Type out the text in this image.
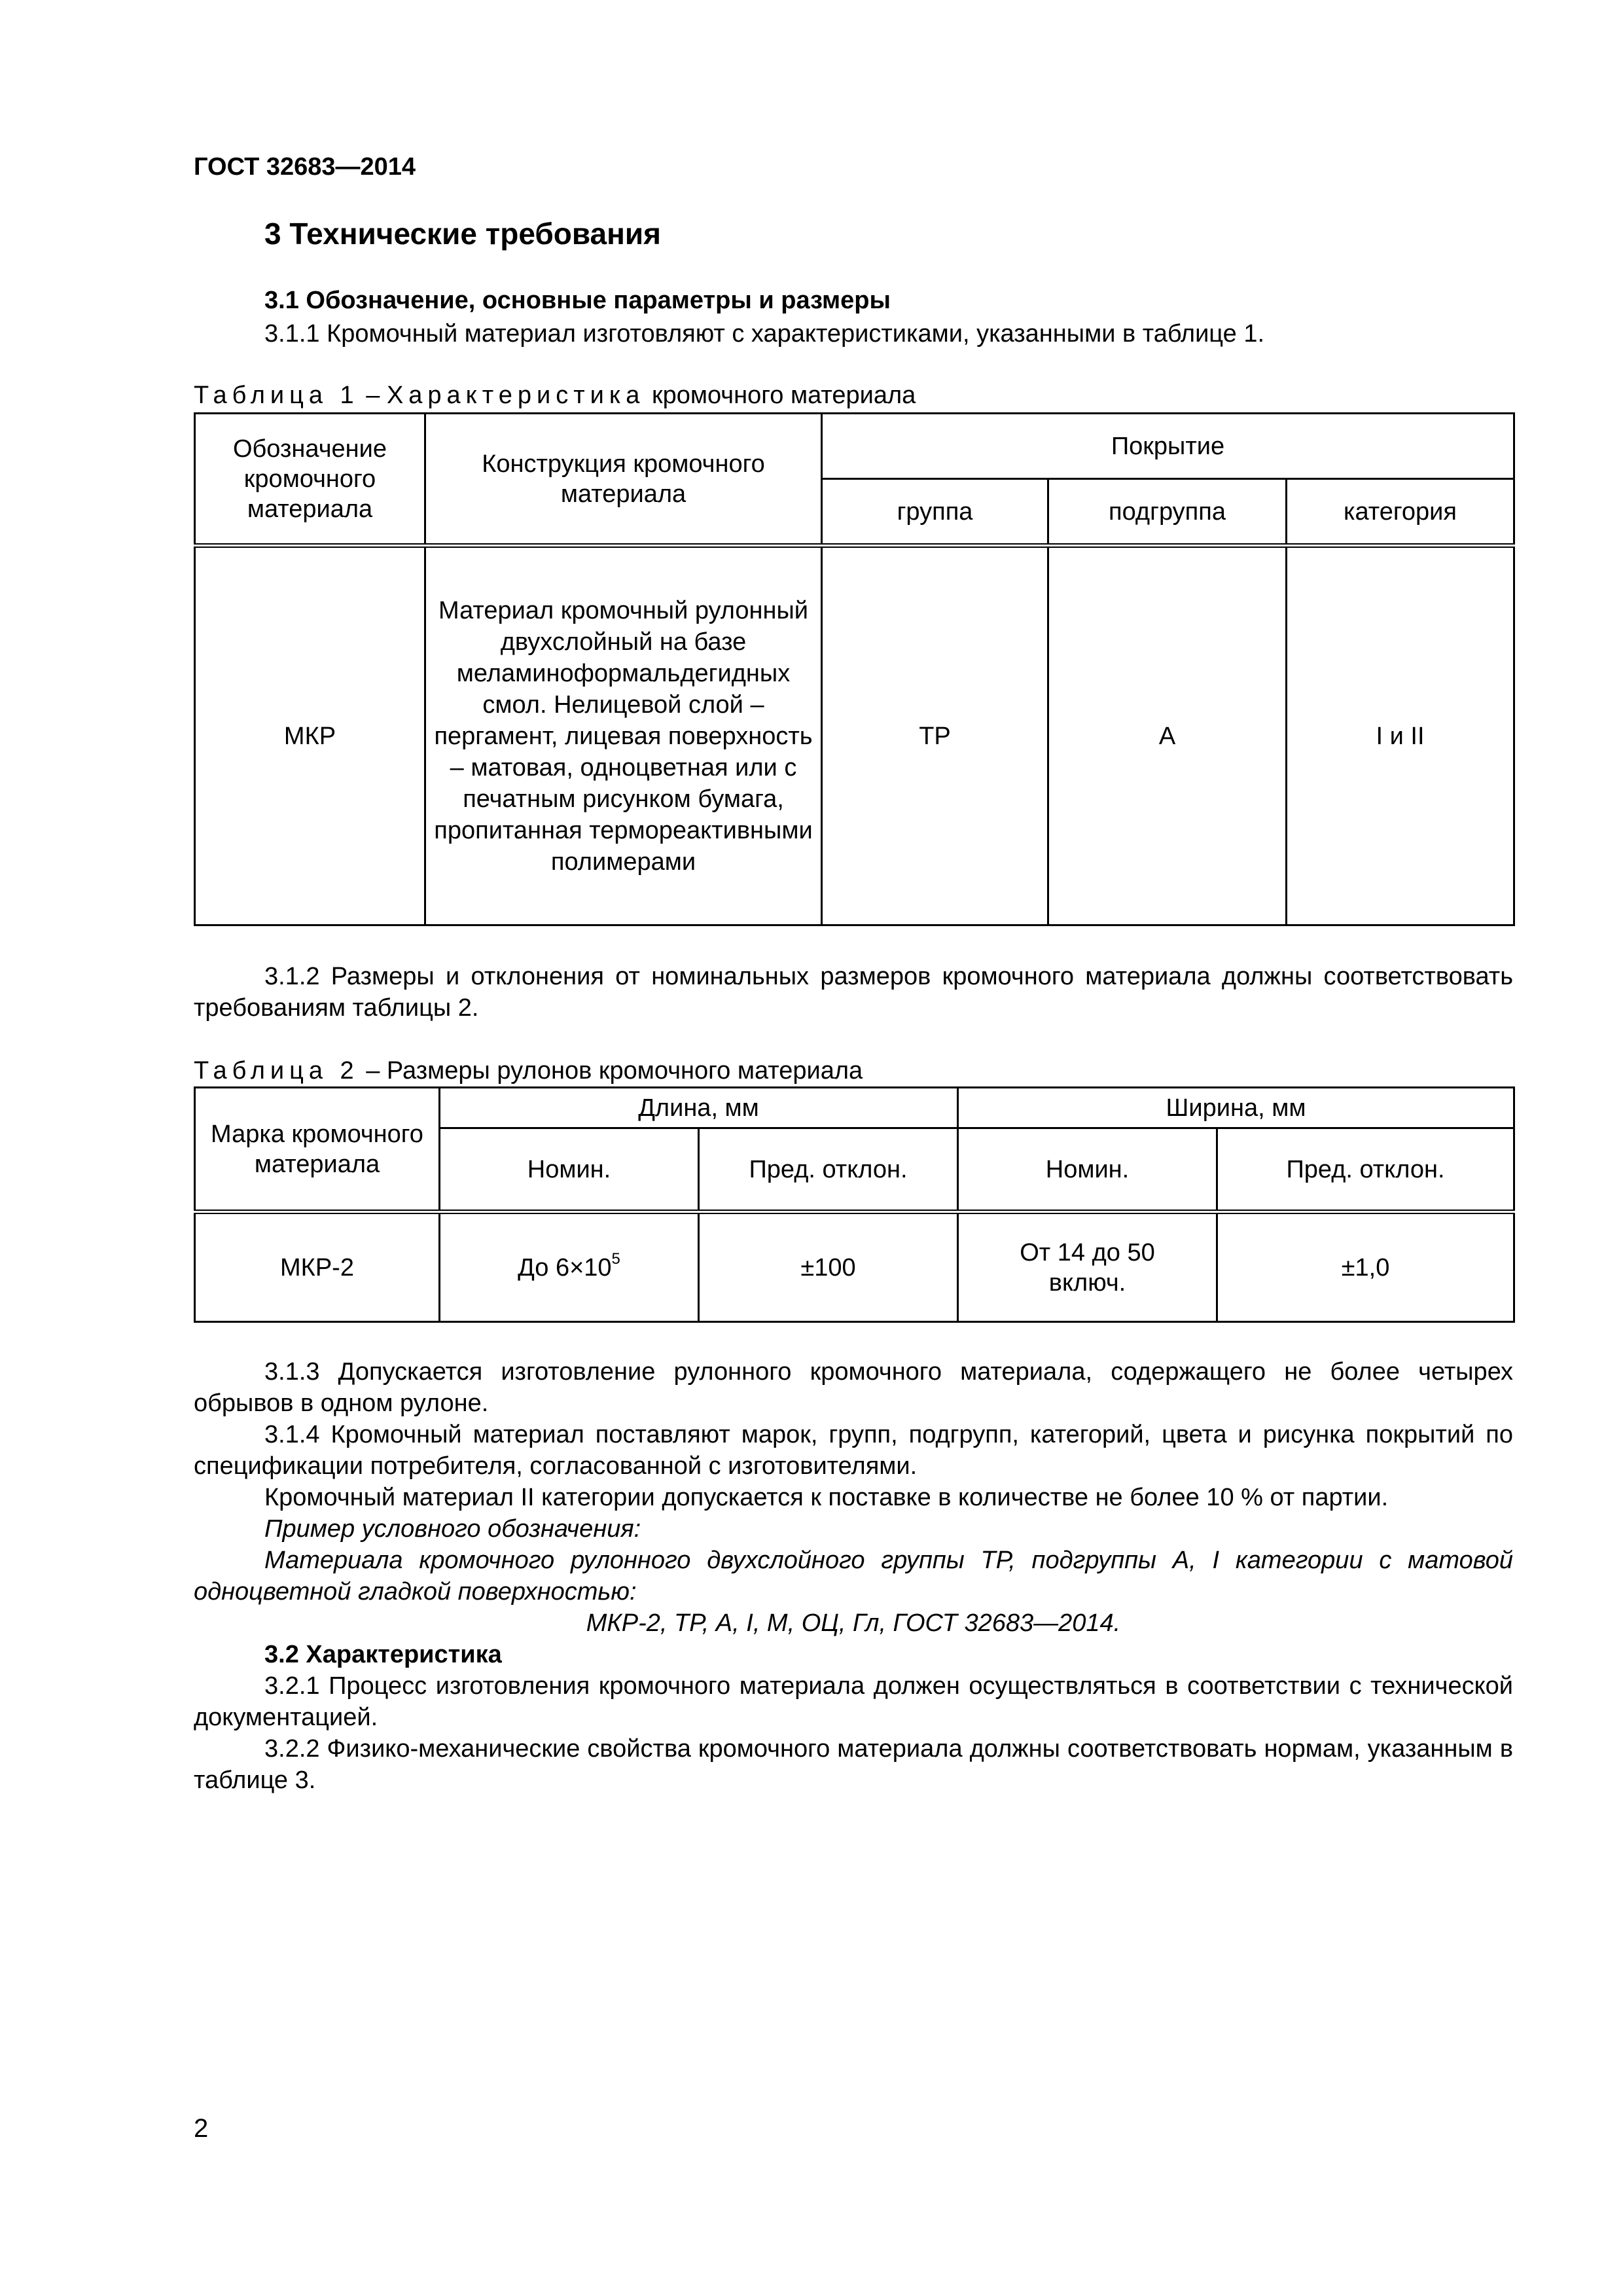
ГОСТ 32683—2014
3 Технические требования
3.1 Обозначение, основные параметры и размеры
3.1.1 Кромочный материал изготовляют с характеристиками, указанными в таблице 1.
Таблица 1 – Характеристика кромочного материала
Обозначение кромочного материала	Конструкция кромочного материала	Покрытие		
		группа	подгруппа	категория
МКР	Материал кромочный рулонный двухслойный на базе меламиноформальдегидных смол. Нелицевой слой – пергамент, лицевая поверхность – матовая, одноцветная или с печатным рисунком бумага, пропитанная термореактивными полимерами	ТР	А	I и II
3.1.2 Размеры и отклонения от номинальных размеров кромочного материала должны соответствовать требованиям таблицы 2.
Таблица 2 – Размеры рулонов кромочного материала
Марка кромочного материала	Длина, мм		Ширина, мм	
	Номин.	Пред. отклон.	Номин.	Пред. отклон.
МКР-2	До $6\times 10^5$	±100	От 14 до 50 включ.	±1,0
3.1.3 Допускается изготовление рулонного кромочного материала, содержащего не более четырех обрывов в одном рулоне.
3.1.4 Кромочный материал поставляют марок, групп, подгрупп, категорий, цвета и рисунка покрытий по спецификации потребителя, согласованной с изготовителями.
Кромочный материал II категории допускается к поставке в количестве не более 10 % от партии.
Пример условного обозначения:
Материала кромочного рулонного двухслойного группы ТР, подгруппы А, I категории с матовой одноцветной гладкой поверхностью:
МКР-2, ТР, А, I, М, ОЦ, Гл, ГОСТ 32683—2014.
3.2 Характеристика
3.2.1 Процесс изготовления кромочного материала должен осуществляться в соответствии с технической документацией.
3.2.2 Физико-механические свойства кромочного материала должны соответствовать нормам, указанным в таблице 3.
2
